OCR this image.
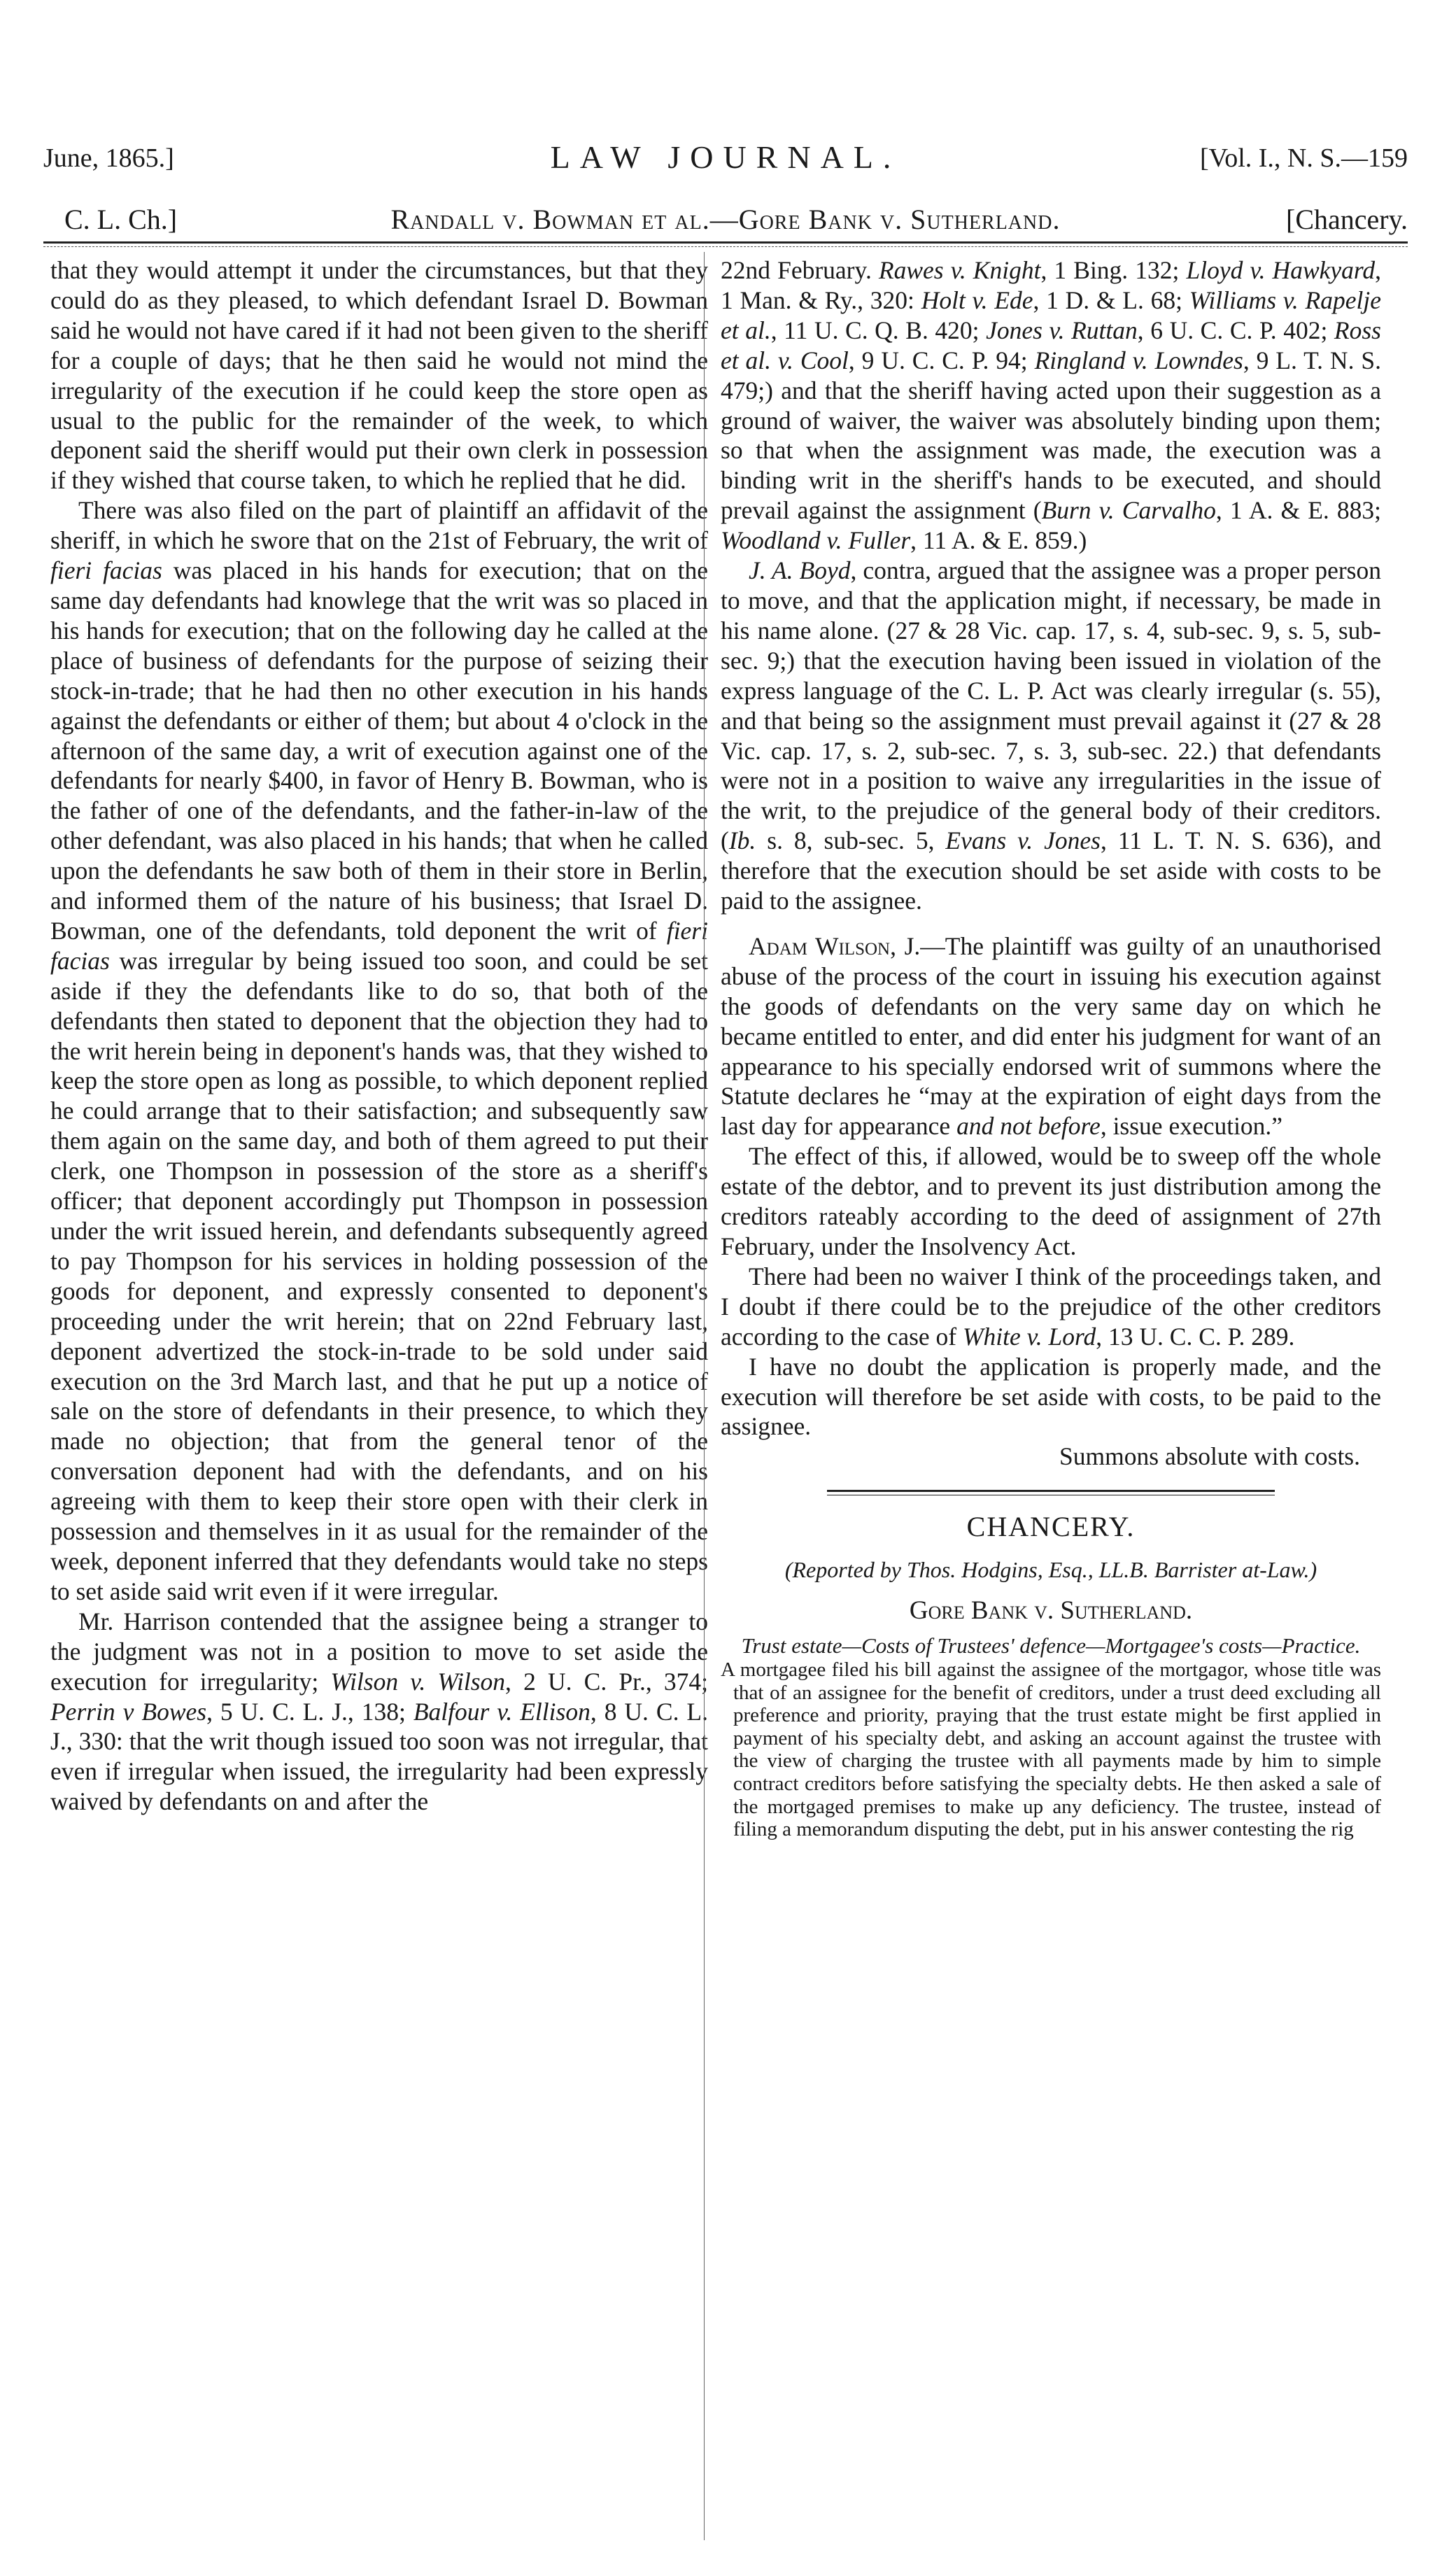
June, 1865.]	LAW JOURNAL.	[Vol. I., N. S.—159
C. L. Ch.]	Randall v. Bowman et al.—Gore Bank v. Sutherland.	[Chancery.

that they would attempt it under the circumstances, but that they could do as they pleased, to which defendant Israel D. Bowman said he would not have cared if it had not been given to the sheriff for a couple of days; that he then said he would not mind the irregularity of the execution if he could keep the store open as usual to the public for the remainder of the week, to which deponent said the sheriff would put their own clerk in possession if they wished that course taken, to which he replied that he did.

There was also filed on the part of plaintiff an affidavit of the sheriff, in which he swore that on the 21st of February, the writ of fieri facias was placed in his hands for execution; that on the same day defendants had knowlege that the writ was so placed in his hands for execution; that on the following day he called at the place of business of defendants for the purpose of seizing their stock-in-trade; that he had then no other execution in his hands against the defendants or either of them; but about 4 o'clock in the afternoon of the same day, a writ of execution against one of the defendants for nearly $400, in favor of Henry B. Bowman, who is the father of one of the defendants, and the father-in-law of the other defendant, was also placed in his hands; that when he called upon the defendants he saw both of them in their store in Berlin, and informed them of the nature of his business; that Israel D. Bowman, one of the defendants, told deponent the writ of fieri facias was irregular by being issued too soon, and could be set aside if they the defendants like to do so, that both of the defendants then stated to deponent that the objection they had to the writ herein being in deponent's hands was, that they wished to keep the store open as long as possible, to which deponent replied he could arrange that to their satisfaction; and subsequently saw them again on the same day, and both of them agreed to put their clerk, one Thompson in possession of the store as a sheriff's officer; that deponent accordingly put Thompson in possession under the writ issued herein, and defendants subsequently agreed to pay Thompson for his services in holding possession of the goods for deponent, and expressly consented to deponent's proceeding under the writ herein; that on 22nd February last, deponent advertized the stock-in-trade to be sold under said execution on the 3rd March last, and that he put up a notice of sale on the store of defendants in their presence, to which they made no objection; that from the general tenor of the conversation deponent had with the defendants, and on his agreeing with them to keep their store open with their clerk in possession and themselves in it as usual for the remainder of the week, deponent inferred that they defendants would take no steps to set aside said writ even if it were irregular.

Mr. Harrison contended that the assignee being a stranger to the judgment was not in a position to move to set aside the execution for irregularity; Wilson v. Wilson, 2 U. C. Pr., 374; Perrin v Bowes, 5 U. C. L. J., 138; Balfour v. Ellison, 8 U. C. L. J., 330: that the writ though issued too soon was not irregular, that even if irregular when issued, the irregularity had been expressly waived by defendants on and after the

22nd February. Rawes v. Knight, 1 Bing. 132; Lloyd v. Hawkyard, 1 Man. & Ry., 320: Holt v. Ede, 1 D. & L. 68; Williams v. Rapelje et al., 11 U. C. Q. B. 420; Jones v. Ruttan, 6 U. C. C. P. 402; Ross et al. v. Cool, 9 U. C. C. P. 94; Ringland v. Lowndes, 9 L. T. N. S. 479;) and that the sheriff having acted upon their suggestion as a ground of waiver, the waiver was absolutely binding upon them; so that when the assignment was made, the execution was a binding writ in the sheriff's hands to be executed, and should prevail against the assignment (Burn v. Carvalho, 1 A. & E. 883; Woodland v. Fuller, 11 A. & E. 859.)

J. A. Boyd, contra, argued that the assignee was a proper person to move, and that the application might, if necessary, be made in his name alone. (27 & 28 Vic. cap. 17, s. 4, sub-sec. 9, s. 5, sub-sec. 9;) that the execution having been issued in violation of the express language of the C. L. P. Act was clearly irregular (s. 55), and that being so the assignment must prevail against it (27 & 28 Vic. cap. 17, s. 2, sub-sec. 7, s. 3, sub-sec. 22.) that defendants were not in a position to waive any irregularities in the issue of the writ, to the prejudice of the general body of their creditors. (Ib. s. 8, sub-sec. 5, Evans v. Jones, 11 L. T. N. S. 636), and therefore that the execution should be set aside with costs to be paid to the assignee.

Adam Wilson, J.—The plaintiff was guilty of an unauthorised abuse of the process of the court in issuing his execution against the goods of defendants on the very same day on which he became entitled to enter, and did enter his judgment for want of an appearance to his specially endorsed writ of summons where the Statute declares he “may at the expiration of eight days from the last day for appearance and not before, issue execution.”

The effect of this, if allowed, would be to sweep off the whole estate of the debtor, and to prevent its just distribution among the creditors rateably according to the deed of assignment of 27th February, under the Insolvency Act.

There had been no waiver I think of the proceedings taken, and I doubt if there could be to the prejudice of the other creditors according to the case of White v. Lord, 13 U. C. C. P. 289.

I have no doubt the application is properly made, and the execution will therefore be set aside with costs, to be paid to the assignee.

Summons absolute with costs.

CHANCERY.
(Reported by Thos. Hodgins, Esq., LL.B. Barrister at-Law.)
Gore Bank v. Sutherland.
Trust estate—Costs of Trustees' defence—Mortgagee's costs—Practice.

A mortgagee filed his bill against the assignee of the mortgagor, whose title was that of an assignee for the benefit of creditors, under a trust deed excluding all preference and priority, praying that the trust estate might be first applied in payment of his specialty debt, and asking an account against the trustee with the view of charging the trustee with all payments made by him to simple contract creditors before satisfying the specialty debts. He then asked a sale of the mortgaged premises to make up any deficiency. The trustee, instead of filing a memorandum disputing the debt, put in his answer contesting the rig
